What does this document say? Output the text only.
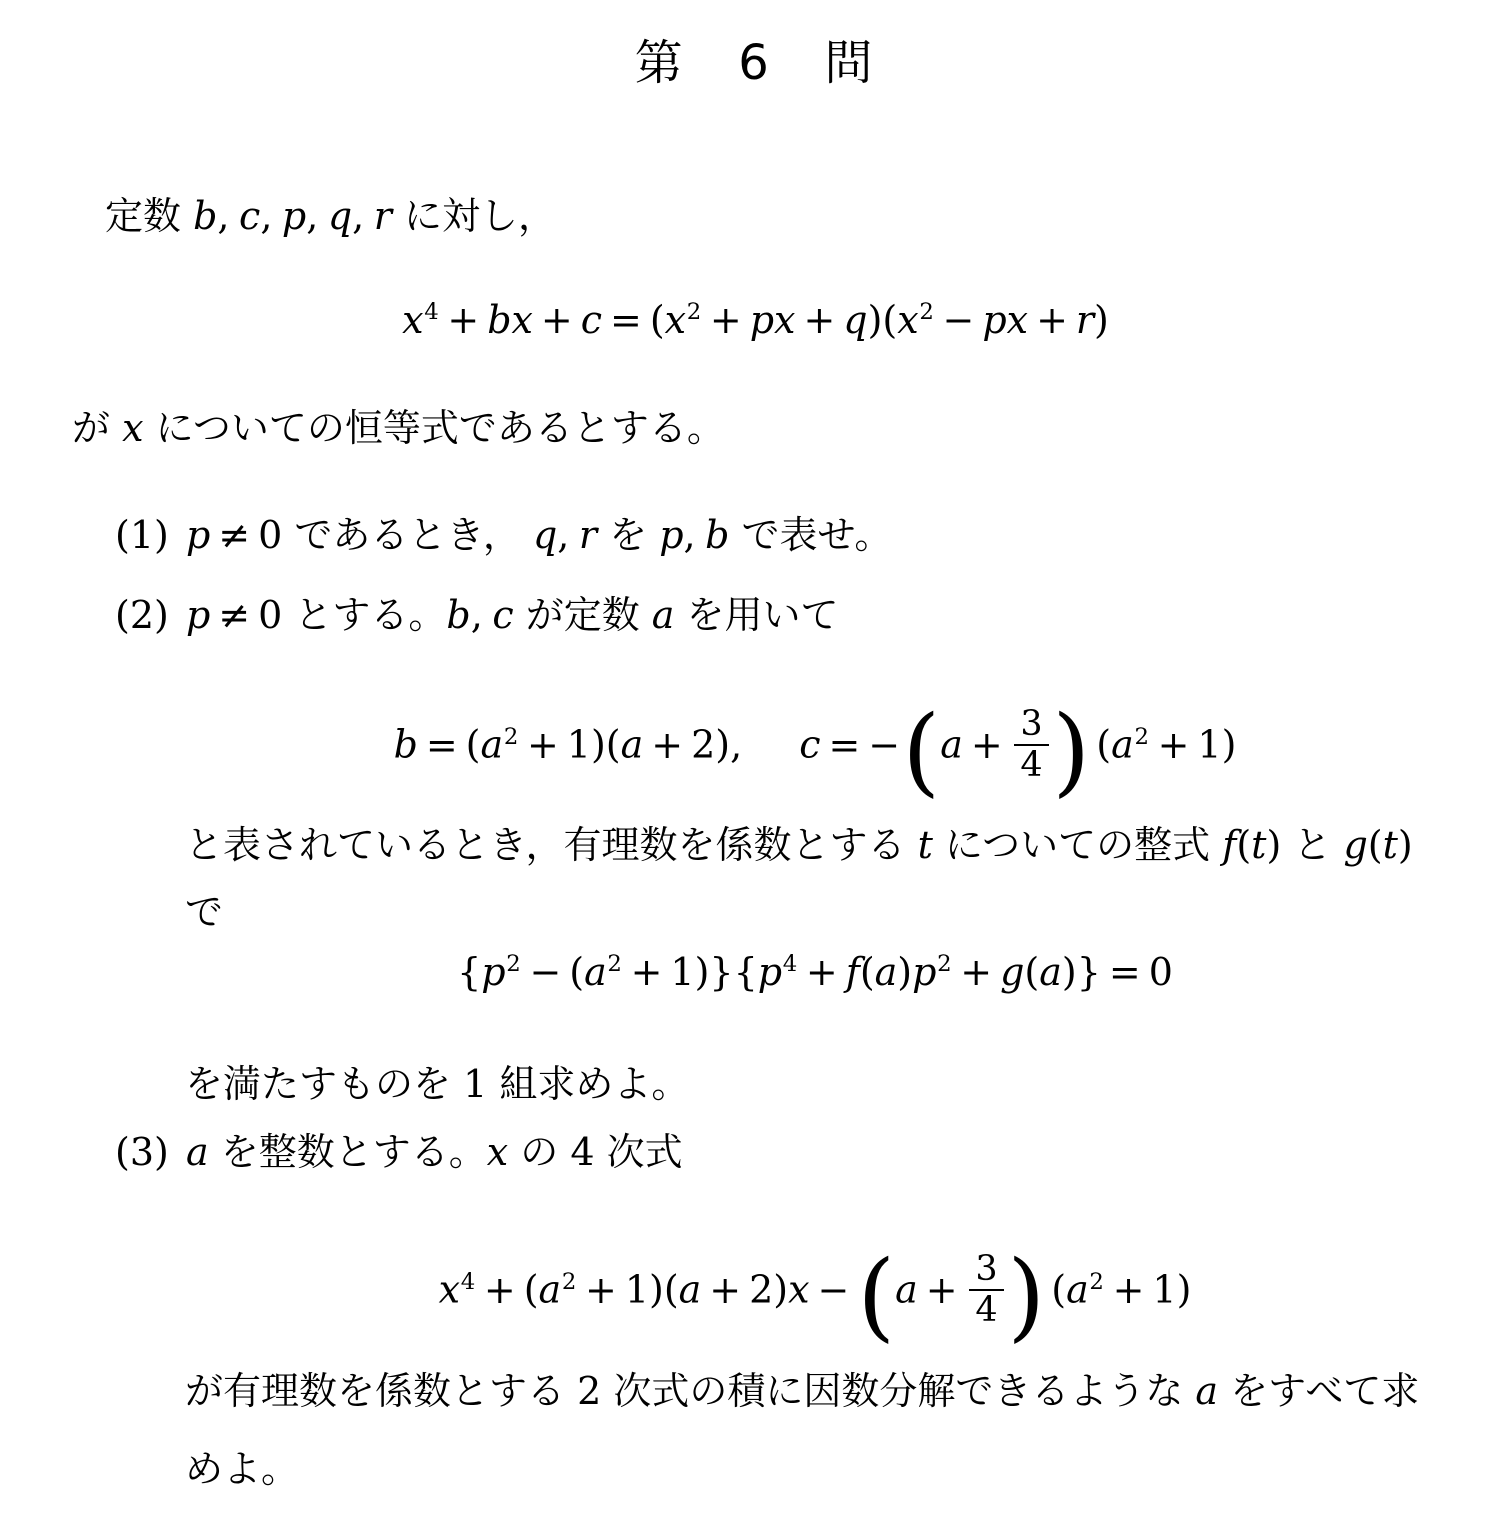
第　6　問
定数 b, c, p, q, r に対し，
$x^4$ + bx + $c = (x^2$ + px + $q)(x^2$ − px + r)
が x についての恒等式であるとする。
(1) p ≠ 0 であるとき， q, r を p, b で表せ。
(2) p ≠ 0 とする。b, c が定数 a を用いて
$b = (a^2 + 1)(a + 2)$, $c = -(a + \frac{3}{4}$ ) $(a^2 + 1)$
と表されているとき，有理数を係数とする t についての整式 f(t) と g(t)
で
$\{p^2 - (a^2 + 1)\}\{p^4 + f(a)p^2 + g(a)\} = 0$
を満たすものを 1 組求めよ。
(3) a を整数とする。x の 4 次式
$x^4 + (a^2 + 1)(a + 2)x -(a + \frac{3}{4}$ ) $(a^2 + 1)$
が有理数を係数とする 2 次式の積に因数分解できるような a をすべて求
めよ。
